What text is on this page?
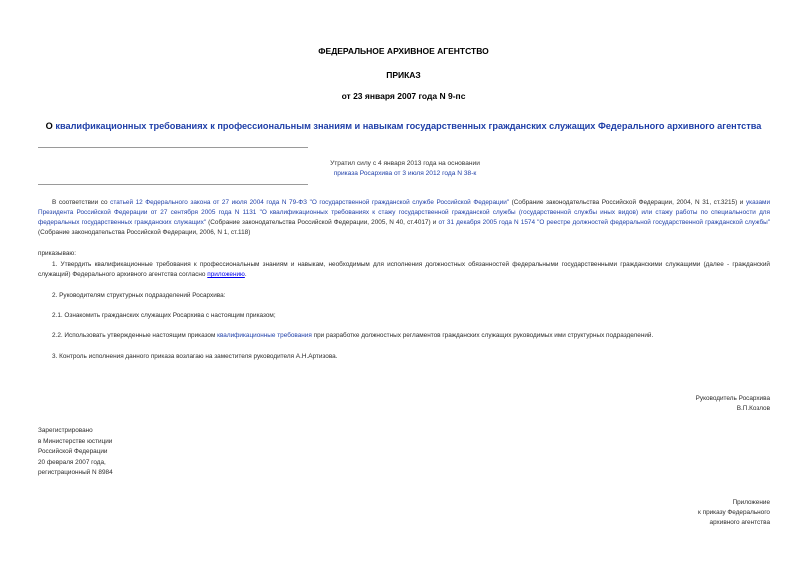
ФЕДЕРАЛЬНОЕ АРХИВНОЕ АГЕНТСТВО
ПРИКАЗ
от 23 января 2007 года N 9-пс
О квалификационных требованиях к профессиональным знаниям и навыкам государственных гражданских служащих Федерального архивного агентства
Утратил силу с 4 января 2013 года на основании
приказа Росархива от 3 июля 2012 года N 38-к
В соответствии со статьей 12 Федерального закона от 27 июля 2004 года N 79-ФЗ "О государственной гражданской службе Российской Федерации" (Собрание законодательства Российской Федерации, 2004, N 31, ст.3215) и указами Президента Российской Федерации от 27 сентября 2005 года N 1131 "О квалификационных требованиях к стажу государственной гражданской службы (государственной службы иных видов) или стажу работы по специальности для федеральных государственных гражданских служащих" (Собрание законодательства Российской Федерации, 2005, N 40, ст.4017) и от 31 декабря 2005 года N 1574 "О реестре должностей федеральной государственной гражданской службы" (Собрание законодательства Российской Федерации, 2006, N 1, ст.118)
приказываю:
1. Утвердить квалификационные требования к профессиональным знаниям и навыкам, необходимым для исполнения должностных обязанностей федеральными государственными гражданскими служащими (далее - гражданский служащий) Федерального архивного агентства согласно приложению.
2. Руководителям структурных подразделений Росархива:
2.1. Ознакомить гражданских служащих Росархива с настоящим приказом;
2.2. Использовать утвержденные настоящим приказом квалификационные требования при разработке должностных регламентов гражданских служащих руководимых ими структурных подразделений.
3. Контроль исполнения данного приказа возлагаю на заместителя руководителя А.Н.Артизова.
Руководитель Росархива
В.П.Козлов
Зарегистрировано
в Министерстве юстиции
Российской Федерации
20 февраля 2007 года,
регистрационный N 8984
Приложение
к приказу Федерального
архивного агентства
